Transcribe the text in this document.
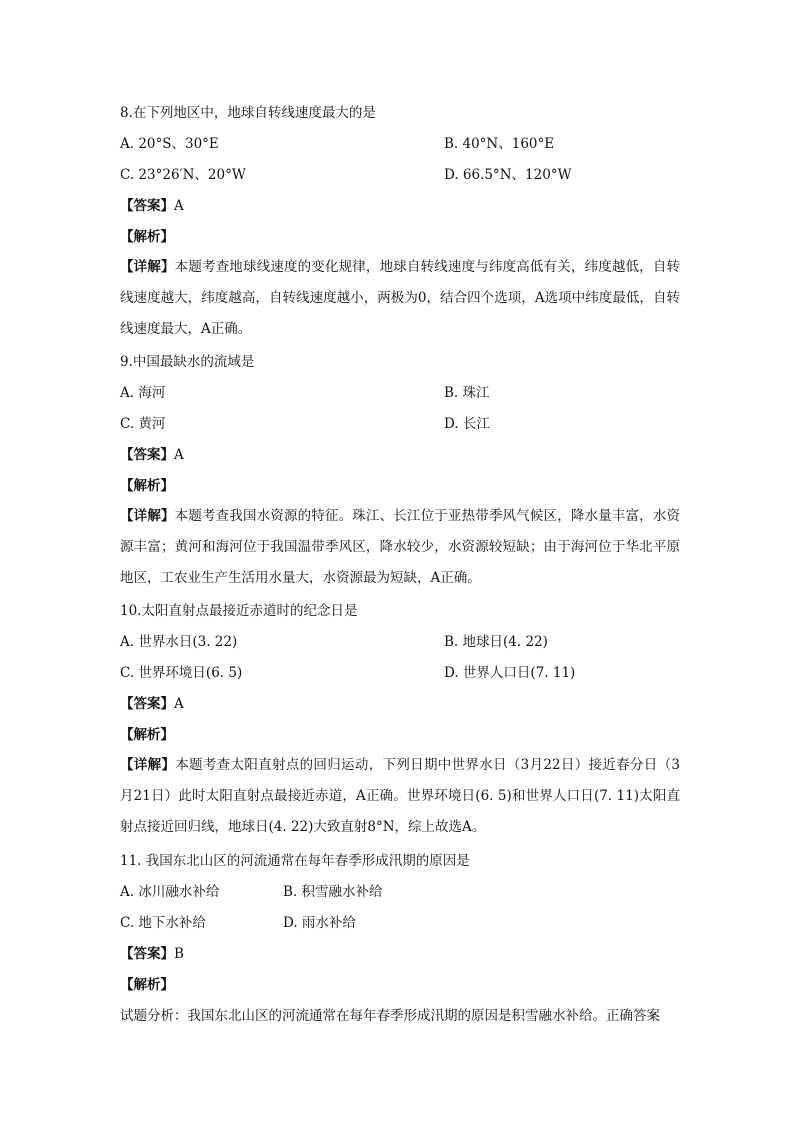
8.在下列地区中，地球自转线速度最大的是
A. 20°S、30°E	B. 40°N、160°E
C. 23°26′N、20°W	D. 66.5°N、120°W
【答案】A
【解析】
【详解】本题考查地球线速度的变化规律，地球自转线速度与纬度高低有关，纬度越低，自转线速度越大，纬度越高，自转线速度越小，两极为0，结合四个选项，A选项中纬度最低，自转线速度最大，A正确。
9.中国最缺水的流域是
A. 海河	B. 珠江
C. 黄河	D. 长江
【答案】A
【解析】
【详解】本题考查我国水资源的特征。珠江、长江位于亚热带季风气候区，降水量丰富，水资源丰富；黄河和海河位于我国温带季风区，降水较少，水资源较短缺；由于海河位于华北平原地区，工农业生产生活用水量大，水资源最为短缺，A正确。
10.太阳直射点最接近赤道时的纪念日是
A. 世界水日(3. 22)	B. 地球日(4. 22)
C. 世界环境日(6. 5)	D. 世界人口日(7. 11)
【答案】A
【解析】
【详解】本题考查太阳直射点的回归运动，下列日期中世界水日（3月22日）接近春分日（3月21日）此时太阳直射点最接近赤道，A正确。世界环境日(6. 5)和世界人口日(7. 11)太阳直射点接近回归线，地球日(4. 22)大致直射8°N，综上故选A。
11. 我国东北山区的河流通常在每年春季形成汛期的原因是
A. 冰川融水补给	B. 积雪融水补给
C. 地下水补给	D. 雨水补给
【答案】B
【解析】
试题分析：我国东北山区的河流通常在每年春季形成汛期的原因是积雪融水补给。正确答案
